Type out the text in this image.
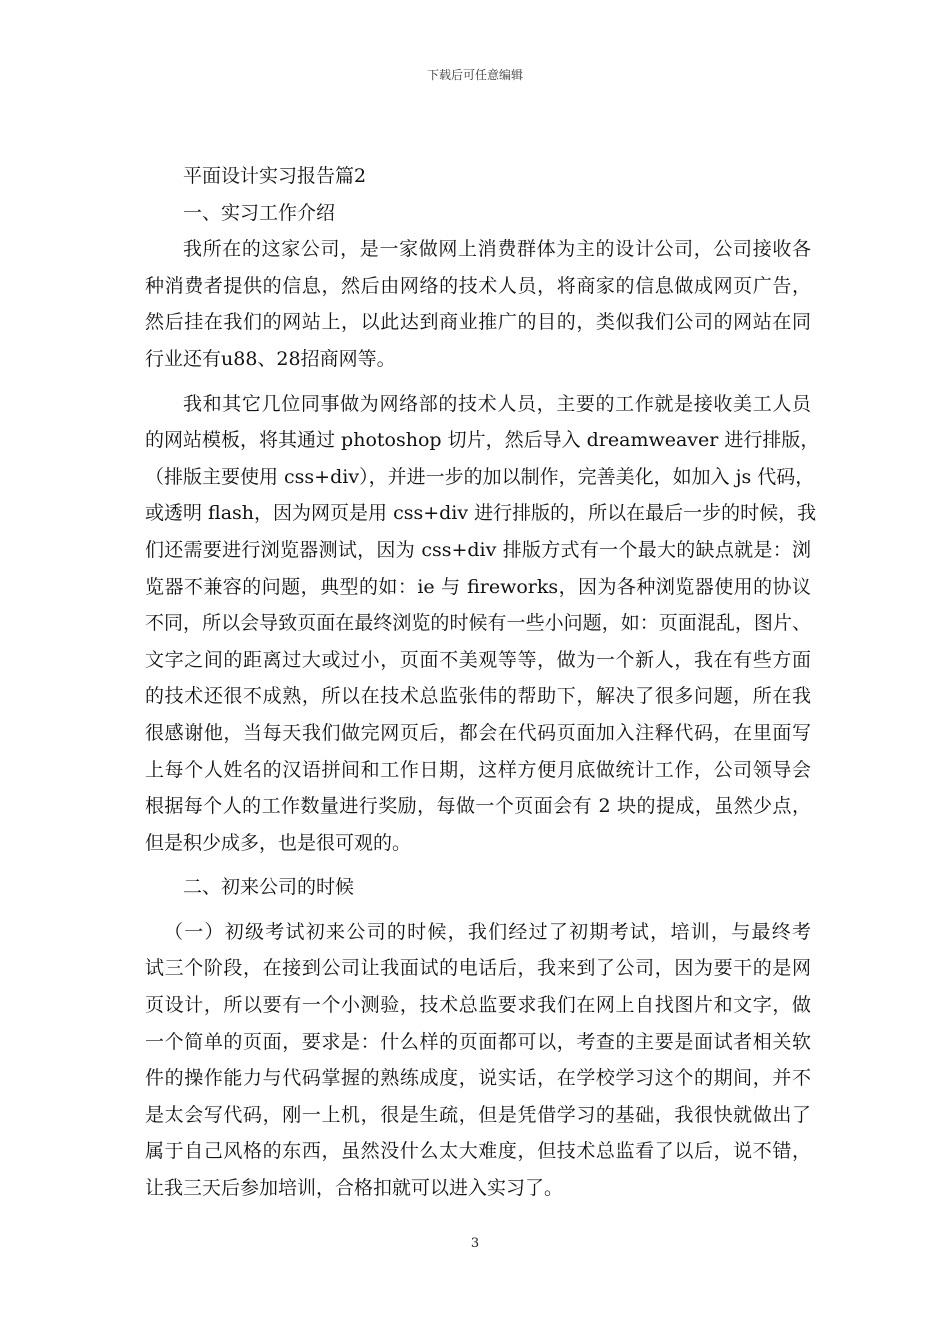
下载后可任意编辑

平面设计实习报告篇2

一、实习工作介绍

我所在的这家公司，是一家做网上消费群体为主的设计公司，公司接收各

种消费者提供的信息，然后由网络的技术人员，将商家的信息做成网页广告，

然后挂在我们的网站上，以此达到商业推广的目的，类似我们公司的网站在同

行业还有u88、28招商网等。

我和其它几位同事做为网络部的技术人员，主要的工作就是接收美工人员

的网站模板，将其通过 photoshop 切片，然后导入 dreamweaver 进行排版，

（排版主要使用 css+div），并进一步的加以制作，完善美化，如加入 js 代码，

或透明 flash，因为网页是用 css+div 进行排版的，所以在最后一步的时候，我

们还需要进行浏览器测试，因为 css+div 排版方式有一个最大的缺点就是：浏

览器不兼容的问题，典型的如：ie 与 fireworks，因为各种浏览器使用的协议

不同，所以会导致页面在最终浏览的时候有一些小问题，如：页面混乱，图片、

文字之间的距离过大或过小，页面不美观等等，做为一个新人，我在有些方面

的技术还很不成熟，所以在技术总监张伟的帮助下，解决了很多问题，所在我

很感谢他，当每天我们做完网页后，都会在代码页面加入注释代码，在里面写

上每个人姓名的汉语拼间和工作日期，这样方便月底做统计工作，公司领导会

根据每个人的工作数量进行奖励，每做一个页面会有 2 块的提成，虽然少点，

但是积少成多，也是很可观的。

二、初来公司的时候

（一）初级考试初来公司的时候，我们经过了初期考试，培训，与最终考

试三个阶段，在接到公司让我面试的电话后，我来到了公司，因为要干的是网

页设计，所以要有一个小测验，技术总监要求我们在网上自找图片和文字，做

一个简单的页面，要求是：什么样的页面都可以，考查的主要是面试者相关软

件的操作能力与代码掌握的熟练成度，说实话，在学校学习这个的期间，并不

是太会写代码，刚一上机，很是生疏，但是凭借学习的基础，我很快就做出了

属于自己风格的东西，虽然没什么太大难度，但技术总监看了以后，说不错，

让我三天后参加培训，合格扣就可以进入实习了。

3
